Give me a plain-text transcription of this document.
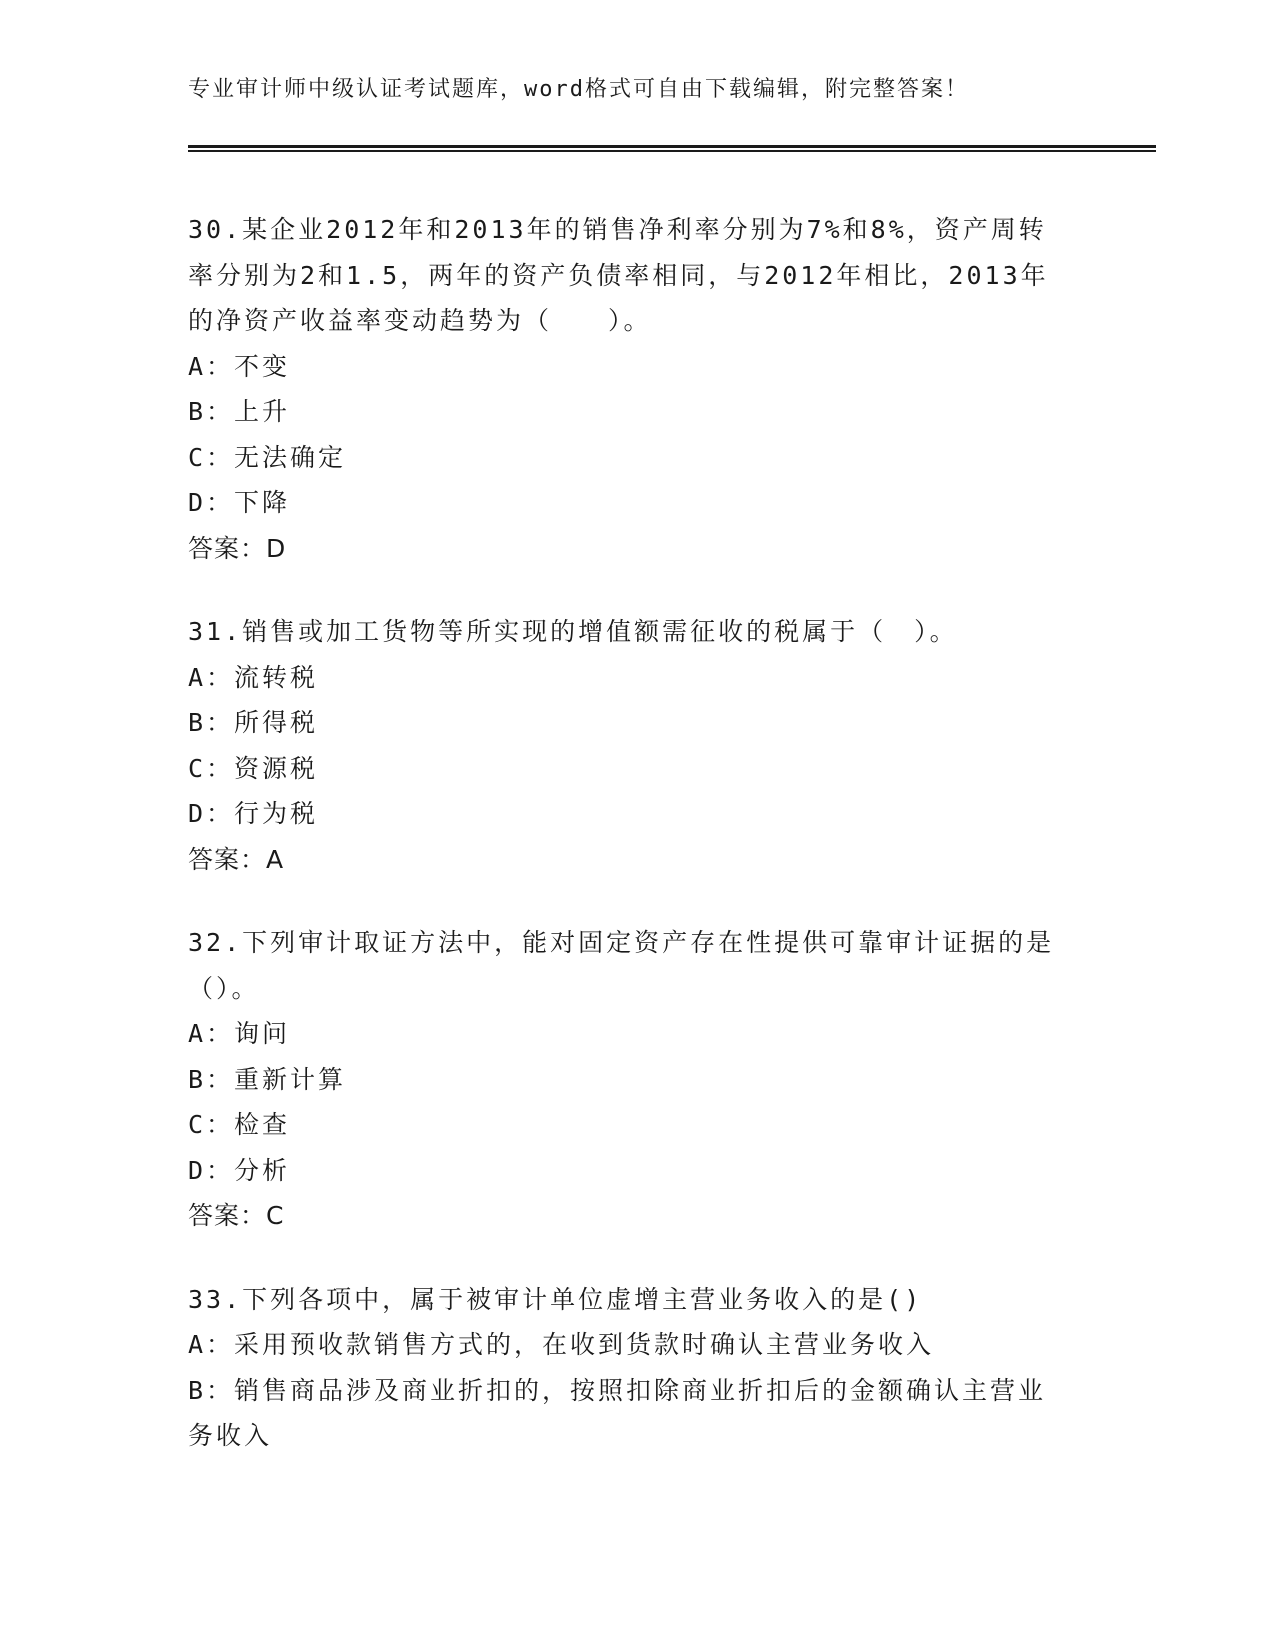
专业审计师中级认证考试题库，word格式可自由下载编辑，附完整答案！
30.某企业2012年和2013年的销售净利率分别为7%和8%，资产周转
率分别为2和1.5，两年的资产负债率相同，与2012年相比，2013年
的净资产收益率变动趋势为（　　）。
A：不变
B：上升
C：无法确定
D：下降
答案：D
31.销售或加工货物等所实现的增值额需征收的税属于（　）。
A：流转税
B：所得税
C：资源税
D：行为税
答案：A
32.下列审计取证方法中，能对固定资产存在性提供可靠审计证据的是
（）。
A：询问
B：重新计算
C：检查
D：分析
答案：C
33.下列各项中，属于被审计单位虚增主营业务收入的是()
A：采用预收款销售方式的，在收到货款时确认主营业务收入
B：销售商品涉及商业折扣的，按照扣除商业折扣后的金额确认主营业
务收入
